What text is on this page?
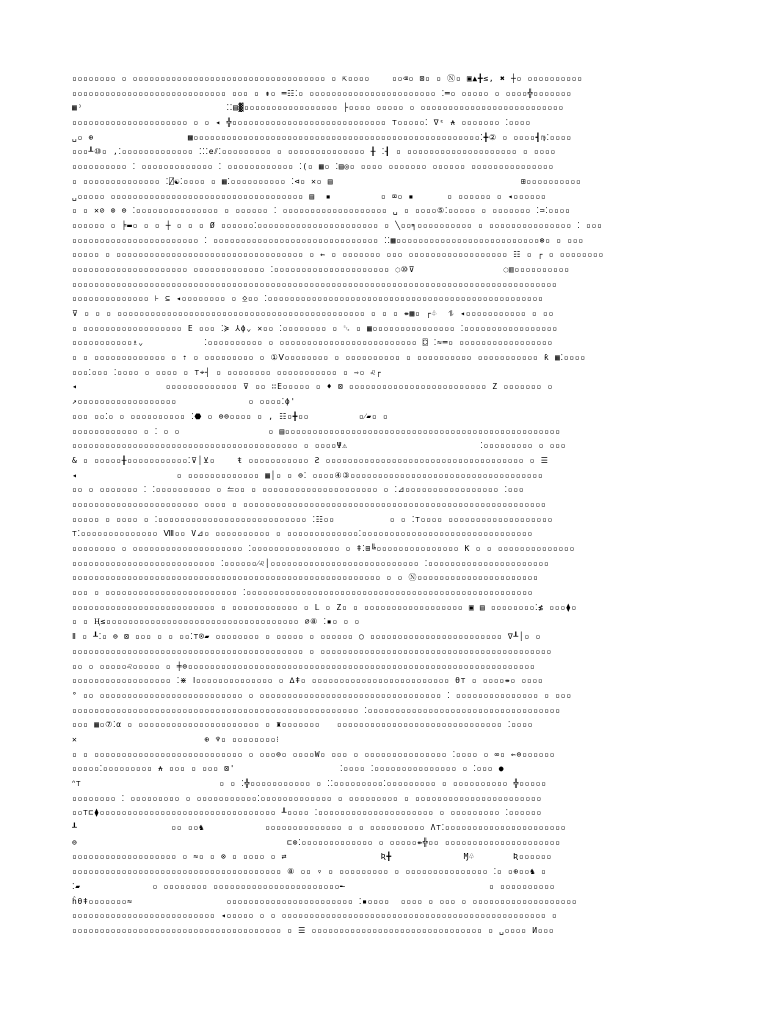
▫▫▫▫▫▫▫▫ ▫ ▫▫▫▫▫▫▫▫▫▫▫▫▫▫▫▫▫▫▫▫▫▫▫▫▫▫▫▫▫▫▫▫▫▫▫ ▫ ⇱▫▫▫▫    ▫▫⌫▫ ⊠▫ ▫ Ⓝ▫ ▣▲╋≤, ✖ ┼▫ ▫▫▫▫▫▫▫▫▫▫
▫▫▫▫▫▫▫▫▫▫▫▫▫▫▫▫▫▫▫▫▫▫▫▫▫▫▫▫ ▫▫▫ ▫ ⇞▫ ═☷⁚▫ ▫▫▫▫▫▫▫▫▫▫▫▫▫▫▫▫▫▫▫▫▫▫▫ ⁚═▫ ▫▫▫▫▫ ▫ ▫▫▫▫╬▫▫▫▫▫▫▫
▦⁾                          ⁚⁚▤▓▫▫▫▫▫▫▫▫▫▫▫▫▫▫▫▫▫ ├▫▫▫▫ ▫▫▫▫▫ ▫ ▫▫▫▫▫▫▫▫▫▫▫▫▫▫▫▫▫▫▫▫▫▫▫▫▫▫
▫▫▫▫▫▫▫▫▫▫▫▫▫▫▫▫▫▫▫▫▫ ▫ ▫ ◂ ╬▫▫▫▫▫▫▫▫▫▫▫▫▫▫▫▫▫▫▫▫▫▫▫▫▫▫▫▫ ⊤▫▫▫▫▫⁚ ∇ᵋ ⍲ ▫▫▫▫▫▫▫ ⁚▫▫▫▫
␣▫ ⊕                 ▩▫▫▫▫▫▫▫▫▫▫▫▫▫▫▫▫▫▫▫▫▫▫▫▫▫▫▫▫▫▫▫▫▫▫▫▫▫▫▫▫▫▫▫▫▫▫▫▫▫▫▫▫⁚╋② ▫ ▫▫▫▫┫♍⁚▫▫▫▫
▫▫▫┸⑩▫ ,⁚▫▫▫▫▫▫▫▫▫▫▫▫▫ ⁚⁚⁚e⫽⁚▫▫▫▫▫▫▫▫▫ ▫ ▫▫▫▫▫▫▫▫▫▫▫▫▫▫ ╫ ⁚┨ ▫ ▫▫▫▫▫▫▫▫▫▫▫▫▫▫▫▫▫▫▫▫ ▫ ▫▫▫▫
▫▫▫▫▫▫▫▫▫▫ ⁚ ▫▫▫▫▫▫▫▫▫▫▫▫▫ ⁚ ▫▫▫▫▫▫▫▫▫▫▫▫ ⁚(▫ ▦▫ ⁚▤◎▫ ▫▫▫▫ ▫▫▫▫▫▫▫ ▫▫▫▫▫▫ ▫▫▫▫▫▫▫▫▫▫▫▫▫▫▫
▫ ▫▫▫▫▫▫▫▫▫▫▫▫▫▫ ⁚⍁☯⁚▫▫▫▫ ▫ ▦⁚▫▫▫▫▫▫▫▫▫▫ ⁚⊲▫ ✕▫ ▤                                  ⊞▫▫▫▫▫▫▫▫▫▫
␣▫▫▫▫▫ ▫▫▫▫▫▫▫▫▫▫▫▫▫▫▫▫▫▫▫▫▫▫▫▫▫▫▫▫▫▫▫▫▫▫▫ ▤  ▪         ▫ ⌧▫ ▪      ▫ ▫▫▫▫▫▫ ▫ ◂▫▫▫▫▫▫
▫ ▫ ✕⊘ ⊚ ⊜ ⁚▫▫▫▫▫▫▫▫▫▫▫▫▫▫▫ ▫ ▫▫▫▫▫▫ ⁚ ▫▫▫▫▫▫▫▫▫▫▫▫▫▫▫▫▫▫▫ ␣ ▫ ▫▫▫▫⑤⁚▫▫▫▫▫ ▫ ▫▫▫▫▫▫▫ ⁚≕⁚▫▫▫▫
▫▫▫▫▫▫ ▫ ╞▬▫ ▫ ▫ ┼ ▫ ▫ ▫ Ø ▫▫▫▫▫▫⁚▫▫▫▫▫▫▫▫▫▫▫▫▫▫▫▫▫▫▫▫▫▫ ▫ ╲▫▫╕▫▫▫▫▫▫▫▫▫▫ ▫ ▫▫▫▫▫▫▫▫▫▫▫▫▫▫▫ ⁚ ▫▫▫
▫▫▫▫▫▫▫▫▫▫▫▫▫▫▫▫▫▫▫▫▫▫▫ ⁚ ▫▫▫▫▫▫▫▫▫▫▫▫▫▫▫▫▫▫▫▫▫▫▫▫▫▫▫▫▫▫ ⁚⁚▩▫▫▫▫▫▫▫▫▫▫▫▫▫▫▫▫▫▫▫▫▫▫▫▫▫▫⊛▫ ▫ ▫▫▫
▫▫▫▫▫ ▫ ▫▫▫▫▫▫▫▫▫▫▫▫▫▫▫▫▫▫▫▫▫▫▫▫▫▫▫▫▫▫▫▫▫▫ ▫ ⇜ ▫ ▫▫▫▫▫▫▫ ▫▫▫ ▫▫▫▫▫▫▫▫▫▫▫▫▫▫▫▫▫▫ ☷ ▫ ┌ ▫ ▫▫▫▫▫▫▫▫
▫▫▫▫▫▫▫▫▫▫▫▫▫▫▫▫▫▫▫▫▫ ▫▫▫▫▫▫▫▫▫▫▫▫▫ ⁚▫▫▫▫▫▫▫▫▫▫▫▫▫▫▫▫▫▫▫▫▫ ◌⑩⊽                ◌▥▫▫▫▫▫▫▫▫▫▫
▫▫▫▫▫▫▫▫▫▫▫▫▫▫▫▫▫▫▫▫▫▫▫▫▫▫▫▫▫▫▫▫▫▫▫▫▫▫▫▫▫▫▫▫▫▫▫▫▫▫▫▫▫▫▫▫▫▫▫▫▫▫▫▫▫▫▫▫▫▫▫▫▫▫▫▫▫▫▫▫▫▫▫▫▫▫▫▫
▫▫▫▫▫▫▫▫▫▫▫▫▫▫ ⊦ ⊆ ◂▫▫▫▫▫▫▫▫ ▫ ⍚▫▫ ⁚▫▫▫▫▫▫▫▫▫▫▫▫▫▫▫▫▫▫▫▫▫▫▫▫▫▫▫▫▫▫▫▫▫▫▫▫▫▫▫▫▫▫▫▫▫▫▫▫▫▫
⊽ ▫ ▫ ▫ ▫▫▫▫▫▫▫▫▫▫▫▫▫▫▫▫▫▫▫▫▫▫▫▫▫▫▫▫▫▫▫▫▫▫▫▫▫▫▫▫▫▫▫▫▫ ▫ ▫ ▫ ⇻▩▫ ┌♧  ⥮ ◂▫▫▫▫▫▫▫▫▫▫▫ ▫ ▫▫
▫ ▫▫▫▫▫▫▫▫▫▫▫▫▫▫▫▫▫▫ E ▫▫▫ ⁚≽ ⅄ϕ⌄ ✕▫▫ ⁚▫▫▫▫▫▫▫▫ ▫ ␂ ▫ ▦▫▫▫▫▫▫▫▫▫▫▫▫▫▫▫ ⁚▫▫▫▫▫▫▫▫▫▫▫▫▫▫▫▫▫
▫▫▫▫▫▫▫▫▫▫▫♗⌄           ⁚▫▫▫▫▫▫▫▫▫▫ ▫ ▫▫▫▫▫▫▫▫▫▫▫▫▫▫▫▫▫▫▫▫▫▫▫▫▫ ⌼ ⁚≈═▫ ▫▫▫▫▫▫▫▫▫▫▫▫▫▫▫▫▫
▫ ▫ ▫▫▫▫▫▫▫▫▫▫▫▫▫ ▫ ⇡ ▫ ▫▫▫▫▫▫▫▫▫ ▫ ①Ⅴ▫▫▫▫▫▫▫▫ ▫ ▫▫▫▫▫▫▫▫▫▫ ▫ ▫▫▫▫▫▫▫▫▫▫ ▫▫▫▫▫▫▫▫▫▫▫ ƙ ▦⁚▫▫▫▫
▫▫▫⁚▫▫▫ ⁚▫▫▫▫ ▫ ▫▫▫▫ ▫ ⊤⌖┤ ▫ ▫▫▫▫▫▫▫▫ ▫▫▫▫▫▫▫▫▫▫▫ ▫ ⇾▫ ♌┌
◂                ▫▫▫▫▫▫▫▫▫▫▫▫▫ ⊽ ▫▫ ∷E▫▫▫▫▫ ▫ ♦ ⊠ ▫▫▫▫▫▫▫▫▫▫▫▫▫▫▫▫▫▫▫▫▫▫▫▫▫ Z ▫▫▫▫▫▫▫ ▫
↗▫▫▫▫▫▫▫▫▫▫▫▫▫▫▫▫▫▫             ▫ ▫▫▫▫⁚ϕ'
▫▫▫ ▫▫⁚▫ ▫ ▫▫▫▫▫▫▫▫▫▫ ⁚⬣ ▫ ⊜⊜▫▫▫▫ ▫ , ☷▫╋▫▫         ▫⁄▰▫ ▫
▫▫▫▫▫▫▫▫▫▫▫▫ ▫ ⁚ ▫ ▫                ▫ ▤▫▫▫▫▫▫▫▫▫▫▫▫▫▫▫▫▫▫▫▫▫▫▫▫▫▫▫▫▫▫▫▫▫▫▫▫▫▫▫▫▫▫▫▫▫▫▫▫▫▫
▫▫▫▫▫▫▫▫▫▫▫▫▫▫▫▫▫▫▫▫▫▫▫▫▫▫▫▫▫▫▫▫▫▫▫▫▫▫▫▫▫ ▫ ▫▫▫▫Ψ⚠                        ⁚▫▫▫▫▫▫▫▫▫ ▫ ▫▫▫
& ▫ ▫▫▫▫▫╫▫▫▫▫▫▫▫▫▫▫▫⁚⊽│⊻▫    ŧ ▫▫▫▫▫▫▫▫▫▫▫ Ƨ ▫▫▫▫▫▫▫▫▫▫▫▫▫▫▫▫▫▫▫▫▫▫▫▫▫▫▫▫▫▫▫▫▫▫▫▫ ▫ ☰
◂                  ▫ ▫▫▫▫▫▫▫▫▫▫▫▫▫ ▦│▫ ▫ ⊜⁚ ▫▫▫▫④③▫▫▫▫▫▫▫▫▫▫▫▫▫▫▫▫▫▫▫▫▫▫▫▫▫▫▫▫▫▫▫▫▫▫▫
▫▫ ▫ ▫▫▫▫▫▫▫ ⁚ ⁚▫▫▫▫▫▫▫▫▫▫ ▫ ⥪▫▫ ▫ ▫▫▫▫▫▫▫▫▫▫▫▫▫▫▫▫▫▫▫▫▫ ▫ ⁚⊿▫▫▫▫▫▫▫▫▫▫▫▫▫▫▫▫▫ ⁚▫▫▫
▫▫▫▫▫▫▫▫▫▫▫▫▫▫▫▫▫▫▫▫▫▫▫ ▫▫▫▫ ▫ ▫▫▫▫▫▫▫▫▫▫▫▫▫▫▫▫▫▫▫▫▫▫▫▫▫▫▫▫▫▫▫▫▫▫▫▫▫▫▫▫▫▫▫▫▫▫▫▫▫▫▫▫▫▫▫
▫▫▫▫▫ ▫ ▫▫▫▫ ▫ ⁚▫▫▫▫▫▫▫▫▫▫▫▫▫▫▫▫▫▫▫▫▫▫▫▫▫▫▫ ⁚☷▫▫          ▫ ▫ ⁚⊤▫▫▫▫ ▫▫▫▫▫▫▫▫▫▫▫▫▫▫▫▫▫▫▫
⊤⁚▫▫▫▫▫▫▫▫▫▫▫▫▫▫ Ⅷ▫▫ V⊿▫ ▫▫▫▫▫▫▫▫▫▫ ▫ ▫▫▫▫▫▫▫▫▫▫▫▫▫⁚▫▫▫▫▫▫▫▫▫▫▫▫▫▫▫▫▫▫▫▫▫▫▫▫▫▫▫▫▫▫▫
▫▫▫▫▫▫▫▫ ▫ ▫▫▫▫▫▫▫▫▫▫▫▫▫▫▫▫▫▫▫▫ ⁚▫▫▫▫▫▫▫▫▫▫▫▫▫▫▫▫ ▫ ǂ⁚⊞╚▫▫▫▫▫▫▫▫▫▫▫▫▫▫▫ Ƙ ▫ ▫ ▫▫▫▫▫▫▫▫▫▫▫▫▫▫
▫▫▫▫▫▫▫▫▫▫▫▫▫▫▫▫▫▫▫▫▫▫▫▫▫▫ ⁚▫▫▫▫▫▫⁄♌│▫▫▫▫▫▫▫▫▫▫▫▫▫▫▫▫▫▫▫▫▫▫▫▫▫▫▫ ⁚▫▫▫▫▫▫▫▫▫▫▫▫▫▫▫▫▫▫▫▫▫▫
▫▫▫▫▫▫▫▫▫▫▫▫▫▫▫▫▫▫▫▫▫▫▫▫▫▫▫▫▫▫▫▫▫▫▫▫▫▫▫▫▫▫▫▫▫▫▫▫▫▫▫▫▫▫▫▫ ▫ ▫ Ⓝ▫▫▫▫▫▫▫▫▫▫▫▫▫▫▫▫▫▫▫▫▫▫
▫▫▫ ▫ ▫▫▫▫▫▫▫▫▫▫▫▫▫▫▫▫▫▫▫▫▫▫▫▫ ⁚▫▫▫▫▫▫▫▫▫▫▫▫▫▫▫▫▫▫▫▫▫▫▫▫▫▫▫▫▫▫▫▫▫▫▫▫▫▫▫▫▫▫▫▫▫▫▫▫▫▫▫▫
▫▫▫▫▫▫▫▫▫▫▫▫▫▫▫▫▫▫▫▫▫▫▫▫▫▫ ▫ ▫▫▫▫▫▫▫▫▫▫▫▫ ▫ ᒪ ▫ Z▫ ▫ ▫▫▫▫▫▫▫▫▫▫▫▫▫▫▫▫▫▫ ▣ ▤ ▫▫▫▫▫▫▫▫⁚≴ ▫▫▫⧫▫
▫ ▫ Ⱨ≤▫▫▫▫▫▫▫▫▫▫▫▫▫▫▫▫▫▫▫▫▫▫▫▫▫▫▫▫▫▫▫▫▫▫▫ ∅⑧ ⁚▪▫ ▫ ▫
Ⅱ ▫ ┸⁚▫ ⊜ ⊠ ▫▫▫ ▫ ▫ ▫▫⁚⊤⍟▰ ▫▫▫▫▫▫▫▫ ▫ ▫▫▫▫▫ ▫ ▫▫▫▫▫▫ ◯ ▫▫▫▫▫▫▫▫▫▫▫▫▫▫▫▫▫▫▫▫▫▫▫▫ ∇┸│▫ ▫
▫▫▫▫▫▫▫▫▫▫▫▫▫▫▫▫▫▫▫▫▫▫▫▫▫▫▫▫▫▫▫▫▫▫▫▫▫▫▫▫▫▫ ▫ ▫▫▫▫▫▫▫▫▫▫▫▫▫▫▫▫▫▫▫▫▫▫▫▫▫▫▫▫▫▫▫▫▫▫▫▫▫▫▫▫▫▫
▫▫ ▫ ▫▫▫▫▫♌▫▫▫▫▫ ▫ ╪⊜▫▫▫▫▫▫▫▫▫▫▫▫▫▫▫▫▫▫▫▫▫▫▫▫▫▫▫▫▫▫▫▫▫▫▫▫▫▫▫▫▫▫▫▫▫▫▫▫▫▫▫▫▫▫▫▫▫▫▫▫▫▫▫
▫▫▫▫▫▫▫▫▫▫▫▫▫▫▫▫▫▫ ⁚⋇ ⅼ▫▫▫▫▫▫▫▫▫▫▫▫▫▫ ▫ ∆ǂ▫ ▫▫▫▫▫▫▫▫▫▫▫▫▫▫▫▫▫▫▫▫▫▫▫▫▫ θ⊤ ▫ ▫▫▫▫⇻▫ ▫▫▫▫
° ▫▫ ▫▫▫▫▫▫▫▫▫▫▫▫▫▫▫▫▫▫▫▫▫▫▫▫▫▫ ▫ ▫▫▫▫▫▫▫▫▫▫▫▫▫▫▫▫▫▫▫▫▫▫▫▫▫▫▫▫▫▫▫▫▫ ⁚ ▫▫▫▫▫▫▫▫▫▫▫▫▫▫▫ ▫ ▫▫▫
▫▫▫▫▫▫▫▫▫▫▫▫▫▫▫▫▫▫▫▫▫▫▫▫▫▫▫▫▫▫▫▫▫▫▫▫▫▫▫▫▫▫▫▫▫▫▫▫▫▫▫▫ ⁚▫▫▫▫▫▫▫▫▫▫▫▫▫▫▫▫▫▫▫▫▫▫▫▫▫▫▫▫▫▫▫▫▫▫▫
▫▫▫ ▦▫⑦⁚α ▫ ▫▫▫▫▫▫▫▫▫▫▫▫▫▫▫▫▫▫▫▫▫▫ ▫ ♜▫▫▫▫▫▫▫   ▫▫▫▫▫▫▫▫▫▫▫▫▫▫▫▫▫▫▫▫▫▫▫▫▫▫▫▫▫▫ ⁚▫▫▫▫
✕                       ⊕ ♆▫ ▫▫▫▫▫▫▫▫⁝
▫ ▫ ▫▫▫▫▫▫▫▫▫▫▫▫▫▫▫▫▫▫▫▫▫▫▫▫▫▫▫ ▫ ▫▫▫⊜▫ ▫▫▫▫W▫ ▫▫▫ ▫ ▫▫▫▫▫▫▫▫▫▫▫▫▫▫▫ ⁚▫▫▫▫ ▫ ∞▫ ⇜⊜▫▫▫▫▫▫
▫▫▫▫▫⁚▫▫▫▫▫▫▫▫▫ ⍲ ▫▫▫ ▫ ▫▫▫ ⊠'                   ⁚▫▫▫▫ ⁚▫▫▫▫▫▫▫▫▫▫▫▫▫▫▫ ▫ ⁚▫▫▫ ●
ᐢ⊤                         ▫ ▫ ⁚╬▫▫▫▫▫▫▫▫▫▫▫ ▫ ⁚⁚▫▫▫▫▫▫▫▫▫⁚▫▫▫▫▫▫▫▫▫ ▫ ▫▫▫▫▫▫▫▫▫▫ ╬▫▫▫▫▫
▫▫▫▫▫▫▫▫ ⁚ ▫▫▫▫▫▫▫▫▫ ▫ ▫▫▫▫▫▫▫▫▫▫▫⁚▫▫▫▫▫▫▫▫▫▫▫▫▫ ▫ ▫▫▫▫▫▫▫▫▫ ▫ ▫▫▫▫▫▫▫▫▫▫▫▫▫▫▫▫▫▫▫▫▫▫▫
▫▫⊤⊏⧫▫▫▫▫▫▫▫▫▫▫▫▫▫▫▫▫▫▫▫▫▫▫▫▫▫▫▫▫▫▫▫▫ ╨▫▫▫▫ ⁚▫▫▫▫▫▫▫▫▫▫▫▫▫▫▫▫▫▫▫▫▫ ▫ ▫▫▫▫▫▫▫▫▫ ⁚▫▫▫▫▫▫
┸                 ▫▫ ▫▫♞           ▫▫▫▫▫▫▫▫▫▫▫▫▫▫ ▫ ▫ ▫▫▫▫▫▫▫▫▫▫ Λ⊤⁚▫▫▫▫▫▫▫▫▫▫▫▫▫▫▫▫▫▫▫▫▫▫
⊜                                      ⊏⊚⁚▫▫▫▫▫▫▫▫▫▫▫▫▫ ▫ ▫▫▫▫▫⇻╬▫▫ ▫▫▫▫▫▫▫▫▫▫▫▫▫▫▫▫▫▫▫▫▫
▫▫▫▫▫▫▫▫▫▫▫▫▫▫▫▫▫▫▫ ▫ ≈▫ ▫ ⊗ ▫ ▫▫▫▫ ▫ ⇄                 Ʀ╋             Ɱ♧       Ʀ▫▫▫▫▫▫
▫▫▫▫▫▫▫▫▫▫▫▫▫▫▫▫▫▫▫▫▫▫▫▫▫▫▫▫▫▫▫▫▫▫▫▫▫▫ ⑧ ▫▫ ▿ ▫ ▫▫▫▫▫▫▫▫▫ ▫ ▫▫▫▫▫▫▫▫▫▫▫▫▫▫▫ ⁚▫ ▫⊕▫▫♞ ▫
⁚▰             ▫ ▫▫▫▫▫▫▫▫ ▫▫▫▫▫▫▫▫▫▫▫▫▫▫▫▫▫▫▫▫▫▫▫╾                          ▫ ▫▫▫▫▫▫▫▫▫▫
ĥθǂ▫▫▫▫▫▫▫≈                 ▫▫▫▫▫▫▫▫▫▫▫▫▫▫▫▫▫▫▫▫▫▫▫ ⁚▪▫▫▫▫  ▫▫▫▫ ▫ ▫▫▫ ▫ ▫▫▫▫▫▫▫▫▫▫▫▫▫▫▫▫▫▫▫
▫▫▫▫▫▫▫▫▫▫▫▫▫▫▫▫▫▫▫▫▫▫▫▫▫▫ ◂▫▫▫▫▫ ▫ ▫ ▫▫▫▫▫▫▫▫▫▫▫▫▫▫▫▫▫▫▫▫▫▫▫▫▫▫▫▫▫▫▫▫▫▫▫▫▫▫▫▫▫▫▫▫▫▫▫▫ ▫
▫▫▫▫▫▫▫▫▫▫▫▫▫▫▫▫▫▫▫▫▫▫▫▫▫▫▫▫▫▫▫▫▫▫▫▫▫▫ ▫ ☰ ▫▫▫▫▫▫▫▫▫▫▫▫▫▫▫▫▫▫▫▫▫▫▫▫▫▫▫▫▫▫▫ ▫ ␣▫▫▫▫ И▫▫▫
